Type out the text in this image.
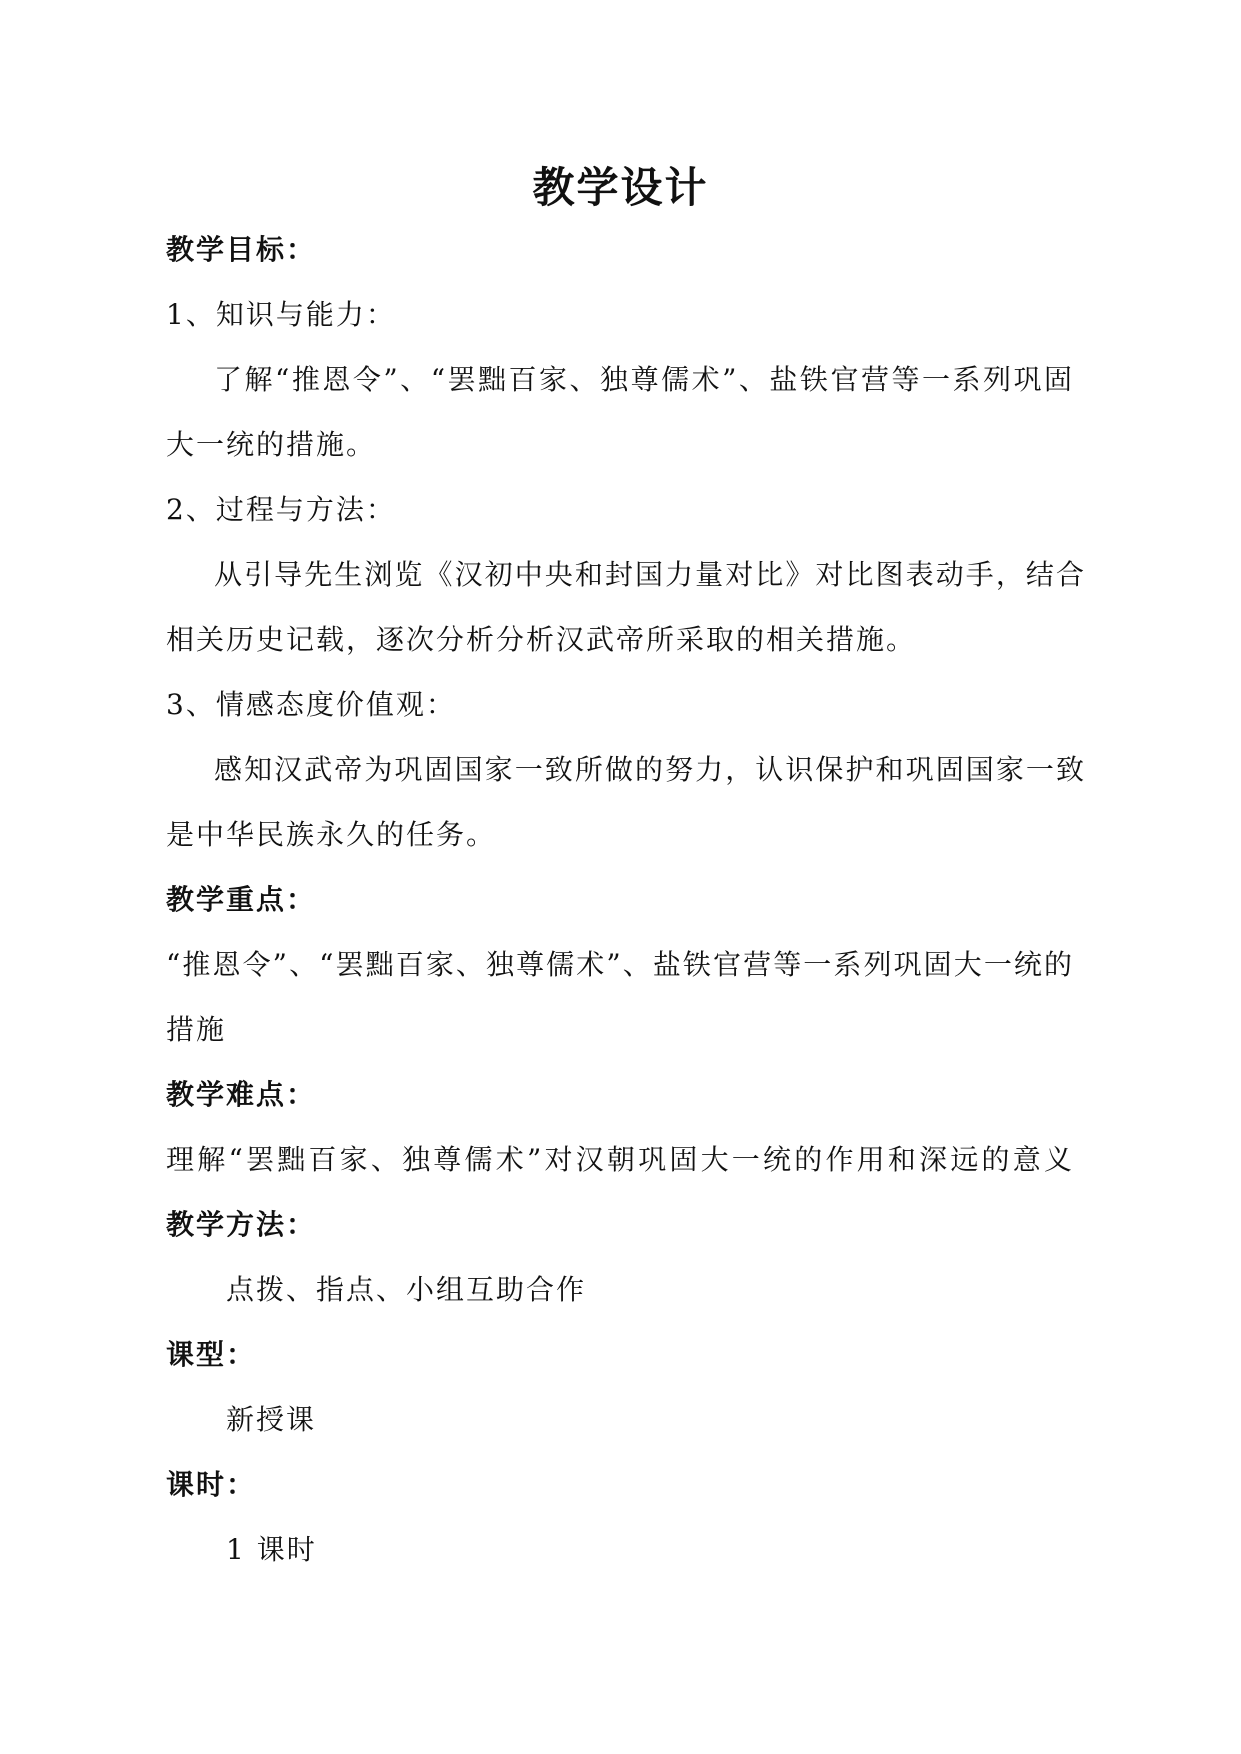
教学设计
教学目标：
1、知识与能力：
了解“推恩令”、“罢黜百家、独尊儒术”、盐铁官营等一系列巩固
大一统的措施。
2、过程与方法：
从引导先生浏览《汉初中央和封国力量对比》对比图表动手，结合
相关历史记载，逐次分析分析汉武帝所采取的相关措施。
3、情感态度价值观：
感知汉武帝为巩固国家一致所做的努力，认识保护和巩固国家一致
是中华民族永久的任务。
教学重点：
“推恩令”、“罢黜百家、独尊儒术”、盐铁官营等一系列巩固大一统的
措施
教学难点：
理解“罢黜百家、独尊儒术”对汉朝巩固大一统的作用和深远的意义
教学方法：
点拨、指点、小组互助合作
课型：
新授课
课时：
1 课时
